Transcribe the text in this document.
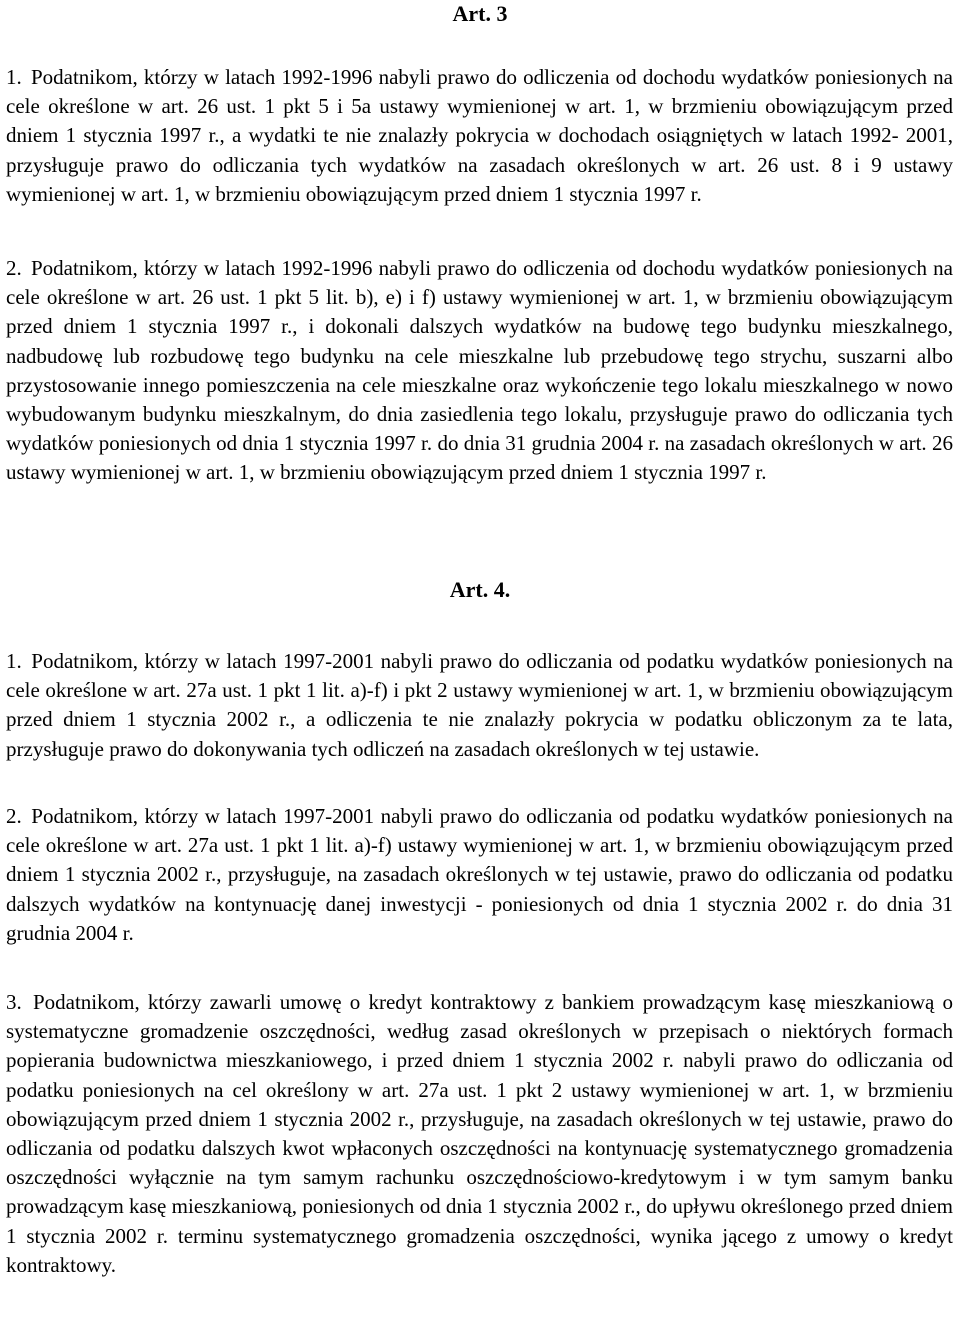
Art. 3
1. Podatnikom, którzy w latach 1992-1996 nabyli prawo do odliczenia od dochodu wydatków poniesionych na cele określone w art. 26 ust. 1 pkt 5 i 5a ustawy wymienionej w art. 1, w brzmieniu obowiązującym przed dniem 1 stycznia 1997 r., a wydatki te nie znalazły pokrycia w dochodach osiągniętych w latach 1992- 2001, przysługuje prawo do odliczania tych wydatków na zasadach określonych w art. 26 ust. 8 i 9 ustawy wymienionej w art. 1, w brzmieniu obowiązującym przed dniem 1 stycznia 1997 r.
2. Podatnikom, którzy w latach 1992-1996 nabyli prawo do odliczenia od dochodu wydatków poniesionych na cele określone w art. 26 ust. 1 pkt 5 lit. b), e) i f) ustawy wymienionej w art. 1, w brzmieniu obowiązującym przed dniem 1 stycznia 1997 r., i dokonali dalszych wydatków na budowę tego budynku mieszkalnego, nadbudowę lub rozbudowę tego budynku na cele mieszkalne lub przebudowę tego strychu, suszarni albo przystosowanie innego pomieszczenia na cele mieszkalne oraz wykończenie tego lokalu mieszkalnego w nowo wybudowanym budynku mieszkalnym, do dnia zasiedlenia tego lokalu, przysługuje prawo do odliczania tych wydatków poniesionych od dnia 1 stycznia 1997 r. do dnia 31 grudnia 2004 r. na zasadach określonych w art. 26 ustawy wymienionej w art. 1, w brzmieniu obowiązującym przed dniem 1 stycznia 1997 r.
Art. 4.
1. Podatnikom, którzy w latach 1997-2001 nabyli prawo do odliczania od podatku wydatków poniesionych na cele określone w art. 27a ust. 1 pkt 1 lit. a)-f) i pkt 2 ustawy wymienionej w art. 1, w brzmieniu obowiązującym przed dniem 1 stycznia 2002 r., a odliczenia te nie znalazły pokrycia w podatku obliczonym za te lata, przysługuje prawo do dokonywania tych odliczeń na zasadach określonych w tej ustawie.
2. Podatnikom, którzy w latach 1997-2001 nabyli prawo do odliczania od podatku wydatków poniesionych na cele określone w art. 27a ust. 1 pkt 1 lit. a)-f) ustawy wymienionej w art. 1, w brzmieniu obowiązującym przed dniem 1 stycznia 2002 r., przysługuje, na zasadach określonych w tej ustawie, prawo do odliczania od podatku dalszych wydatków na kontynuację danej inwestycji - poniesionych od dnia 1 stycznia 2002 r. do dnia 31 grudnia 2004 r.
3. Podatnikom, którzy zawarli umowę o kredyt kontraktowy z bankiem prowadzącym kasę mieszkaniową o systematyczne gromadzenie oszczędności, według zasad określonych w przepisach o niektórych formach popierania budownictwa mieszkaniowego, i przed dniem 1 stycznia 2002 r. nabyli prawo do odliczania od podatku poniesionych na cel określony w art. 27a ust. 1 pkt 2 ustawy wymienionej w art. 1, w brzmieniu obowiązującym przed dniem 1 stycznia 2002 r., przysługuje, na zasadach określonych w tej ustawie, prawo do odliczania od podatku dalszych kwot wpłaconych oszczędności na kontynuację systematycznego gromadzenia oszczędności wyłącznie na tym samym rachunku oszczędnościowo-kredytowym i w tym samym banku prowadzącym kasę mieszkaniową, poniesionych od dnia 1 stycznia 2002 r., do upływu określonego przed dniem 1 stycznia 2002 r. terminu systematycznego gromadzenia oszczędności, wynika jącego z umowy o kredyt kontraktowy.
